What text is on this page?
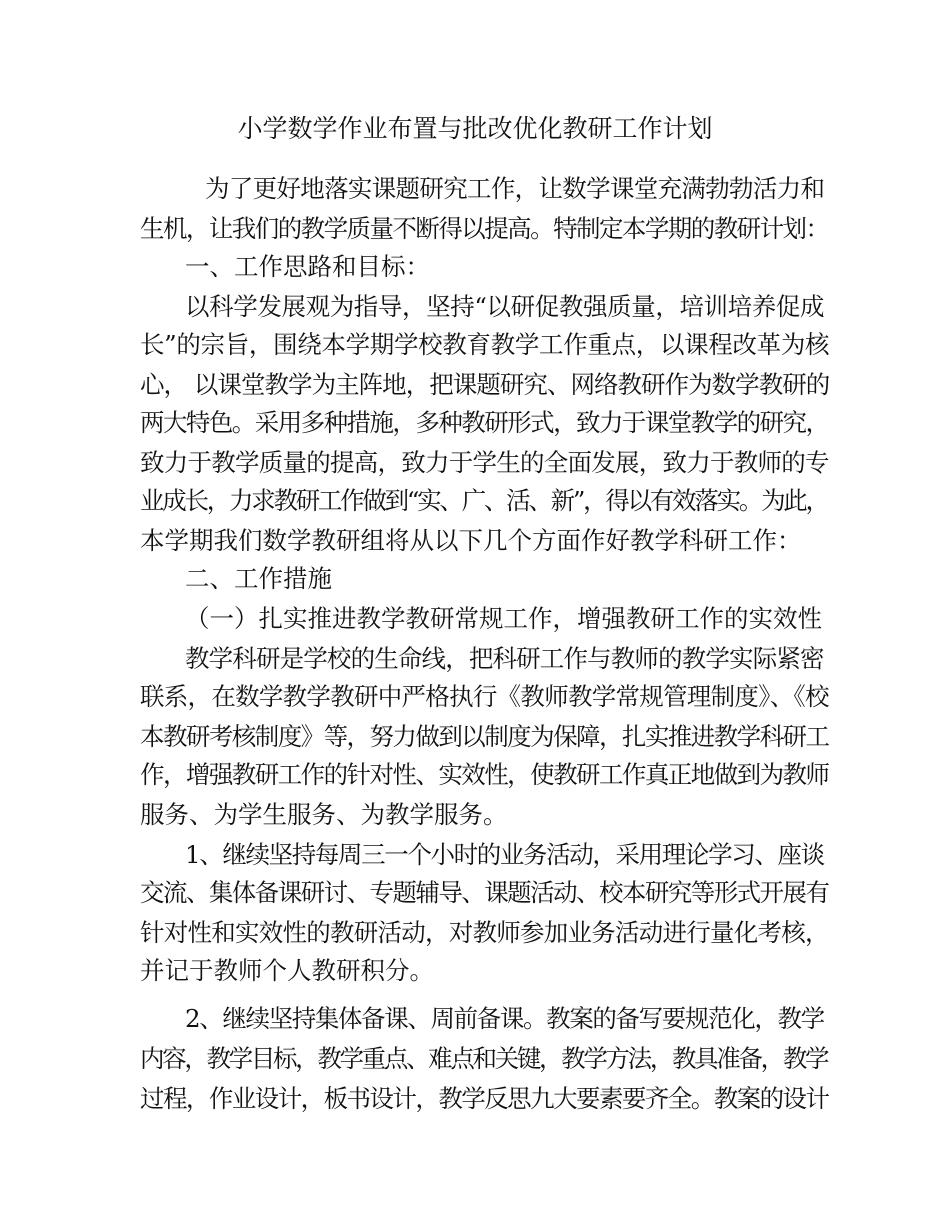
小学数学作业布置与批改优化教研工作计划
为了更好地落实课题研究工作，让数学课堂充满勃勃活力和
生机，让我们的教学质量不断得以提高。特制定本学期的教研计划：
一、工作思路和目标：
以科学发展观为指导，坚持“以研促教强质量，培训培养促成
长”的宗旨，围绕本学期学校教育教学工作重点，以课程改革为核
心， 以课堂教学为主阵地，把课题研究、网络教研作为数学教研的
两大特色。采用多种措施，多种教研形式，致力于课堂教学的研究，
致力于教学质量的提高，致力于学生的全面发展，致力于教师的专
业成长，力求教研工作做到“实、广、活、新”，得以有效落实。为此，
本学期我们数学教研组将从以下几个方面作好教学科研工作：
二、工作措施
（一）扎实推进教学教研常规工作，增强教研工作的实效性
教学科研是学校的生命线，把科研工作与教师的教学实际紧密
联系，在数学教学教研中严格执行《教师教学常规管理制度》、《校
本教研考核制度》等，努力做到以制度为保障，扎实推进教学科研工
作，增强教研工作的针对性、实效性，使教研工作真正地做到为教师
服务、为学生服务、为教学服务。
1、继续坚持每周三一个小时的业务活动，采用理论学习、座谈
交流、集体备课研讨、专题辅导、课题活动、校本研究等形式开展有
针对性和实效性的教研活动，对教师参加业务活动进行量化考核，
并记于教师个人教研积分。
2、继续坚持集体备课、周前备课。教案的备写要规范化，教学
内容，教学目标，教学重点、难点和关键，教学方法，教具准备，教学
过程，作业设计，板书设计，教学反思九大要素要齐全。教案的设计
